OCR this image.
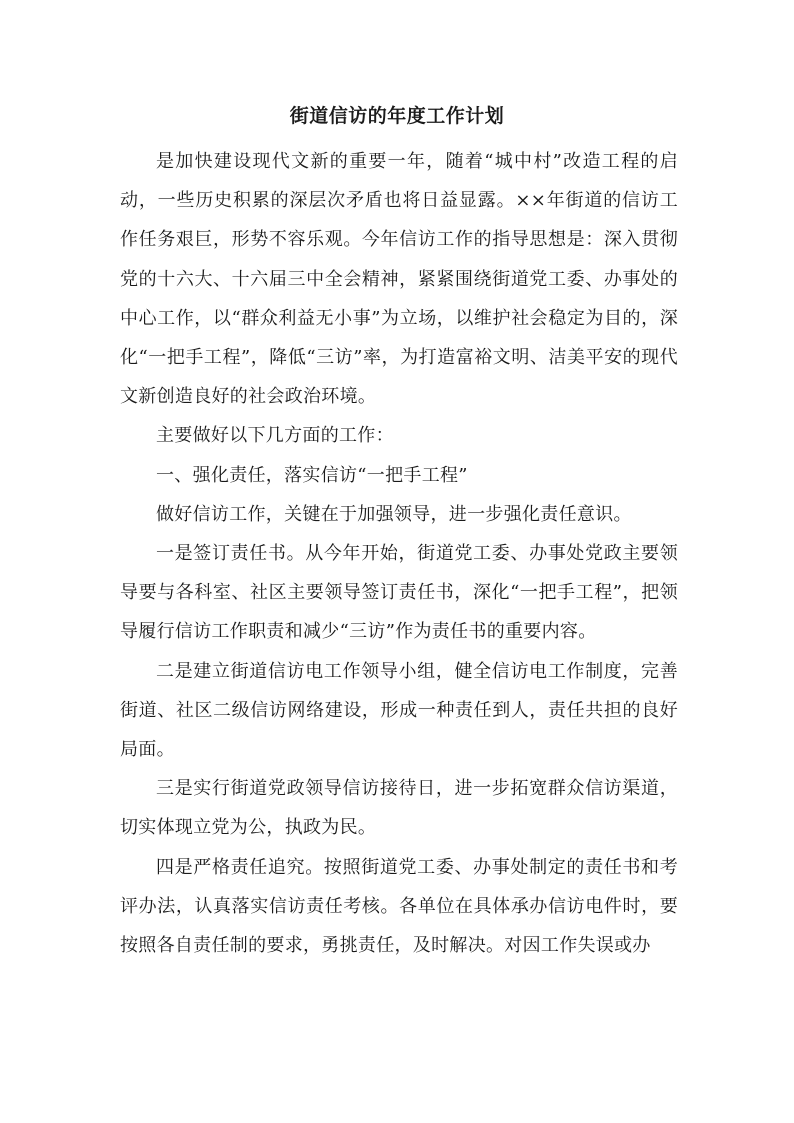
街道信访的年度工作计划

是加快建设现代文新的重要一年，随着“城中村”改造工程的启动，一些历史积累的深层次矛盾也将日益显露。××年街道的信访工作任务艰巨，形势不容乐观。今年信访工作的指导思想是：深入贯彻党的十六大、十六届三中全会精神，紧紧围绕街道党工委、办事处的中心工作，以“群众利益无小事”为立场，以维护社会稳定为目的，深化“一把手工程”，降低“三访”率，为打造富裕文明、洁美平安的现代文新创造良好的社会政治环境。

主要做好以下几方面的工作：

一、强化责任，落实信访“一把手工程”

做好信访工作，关键在于加强领导，进一步强化责任意识。

一是签订责任书。从今年开始，街道党工委、办事处党政主要领导要与各科室、社区主要领导签订责任书，深化“一把手工程”，把领导履行信访工作职责和减少“三访”作为责任书的重要内容。

二是建立街道信访电工作领导小组，健全信访电工作制度，完善街道、社区二级信访网络建设，形成一种责任到人，责任共担的良好局面。

三是实行街道党政领导信访接待日，进一步拓宽群众信访渠道，切实体现立党为公，执政为民。

四是严格责任追究。按照街道党工委、办事处制定的责任书和考评办法，认真落实信访责任考核。各单位在具体承办信访电件时，要按照各自责任制的要求，勇挑责任，及时解决。对因工作失误或办
